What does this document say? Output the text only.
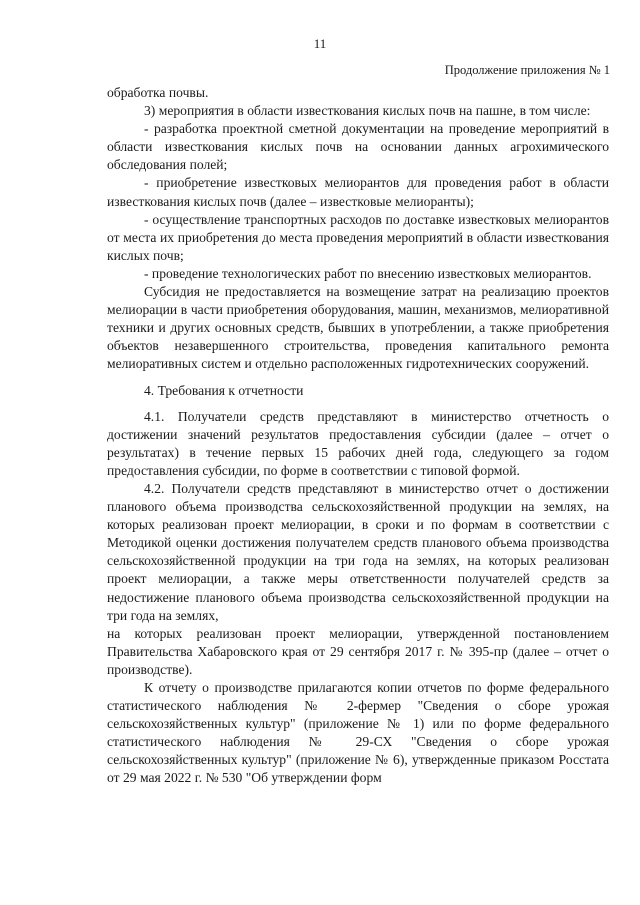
11
Продолжение приложения № 1

обработка почвы.

3) мероприятия в области известкования кислых почв на пашне, в том числе:

- разработка проектной сметной документации на проведение мероприятий в области известкования кислых почв на основании данных агрохимического обследования полей;

- приобретение известковых мелиорантов для проведения работ в области известкования кислых почв (далее – известковые мелиоранты);

- осуществление транспортных расходов по доставке известковых мелиорантов от места их приобретения до места проведения мероприятий в области известкования кислых почв;

- проведение технологических работ по внесению известковых мелиорантов.

Субсидия не предоставляется на возмещение затрат на реализацию проектов мелиорации в части приобретения оборудования, машин, механизмов, мелиоративной техники и других основных средств, бывших в употреблении, а также приобретения объектов незавершенного строительства, проведения капитального ремонта мелиоративных систем и отдельно расположенных гидротехнических сооружений.

4. Требования к отчетности

4.1. Получатели средств представляют в министерство отчетность о достижении значений результатов предоставления субсидии (далее – отчет о результатах) в течение первых 15 рабочих дней года, следующего за годом предоставления субсидии, по форме в соответствии с типовой формой.

4.2. Получатели средств представляют в министерство отчет о достижении планового объема производства сельскохозяйственной продукции на землях, на которых реализован проект мелиорации, в сроки и по формам в соответствии с Методикой оценки достижения получателем средств планового объема производства сельскохозяйственной продукции на три года на землях, на которых реализован проект мелиорации, а также меры ответственности получателей средств за недостижение планового объема производства сельскохозяйственной продукции на три года на землях,

на которых реализован проект мелиорации, утвержденной постановлением Правительства Хабаровского края от 29 сентября 2017 г. № 395-пр (далее – отчет о производстве).

К отчету о производстве прилагаются копии отчетов по форме федерального статистического наблюдения № 2-фермер "Сведения о сборе урожая сельскохозяйственных культур" (приложение № 1) или по форме федерального статистического наблюдения № 29-СХ "Сведения о сборе урожая сельскохозяйственных культур" (приложение № 6), утвержденные приказом Росстата от 29 мая 2022 г. № 530 "Об утверждении форм
